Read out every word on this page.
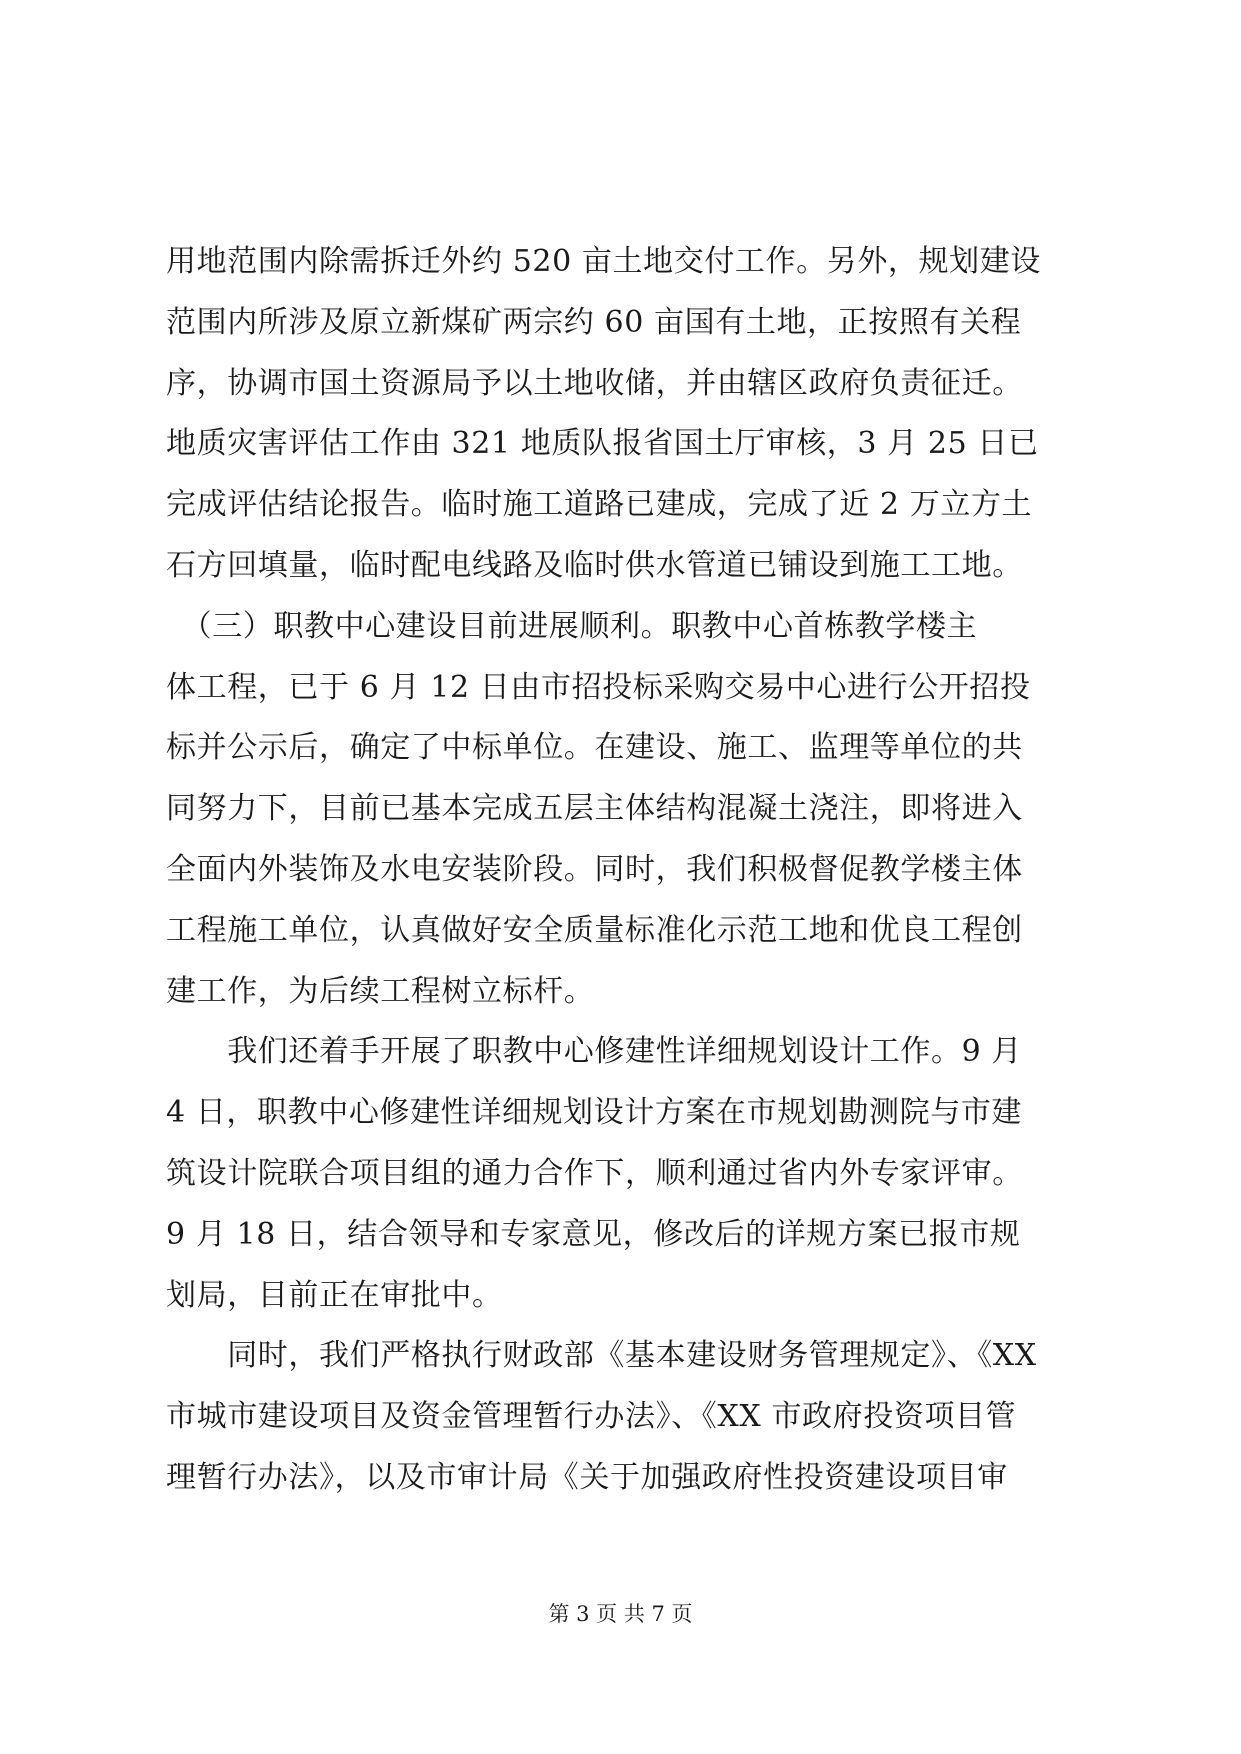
用地范围内除需拆迁外约 520 亩土地交付工作。另外，规划建设
范围内所涉及原立新煤矿两宗约 60 亩国有土地，正按照有关程
序，协调市国土资源局予以土地收储，并由辖区政府负责征迁。
地质灾害评估工作由 321 地质队报省国土厅审核，3 月 25 日已
完成评估结论报告。临时施工道路已建成，完成了近 2 万立方土
石方回填量，临时配电线路及临时供水管道已铺设到施工工地。
　（三）职教中心建设目前进展顺利。职教中心首栋教学楼主
体工程，已于 6 月 12 日由市招投标采购交易中心进行公开招投
标并公示后，确定了中标单位。在建设、施工、监理等单位的共
同努力下，目前已基本完成五层主体结构混凝土浇注，即将进入
全面内外装饰及水电安装阶段。同时，我们积极督促教学楼主体
工程施工单位，认真做好安全质量标准化示范工地和优良工程创
建工作，为后续工程树立标杆。
　　我们还着手开展了职教中心修建性详细规划设计工作。9 月
4 日，职教中心修建性详细规划设计方案在市规划勘测院与市建
筑设计院联合项目组的通力合作下，顺利通过省内外专家评审。
9 月 18 日，结合领导和专家意见，修改后的详规方案已报市规
划局，目前正在审批中。
　　同时，我们严格执行财政部《基本建设财务管理规定》、《XX
市城市建设项目及资金管理暂行办法》、《XX 市政府投资项目管
理暂行办法》，以及市审计局《关于加强政府性投资建设项目审
第 3 页 共 7 页
